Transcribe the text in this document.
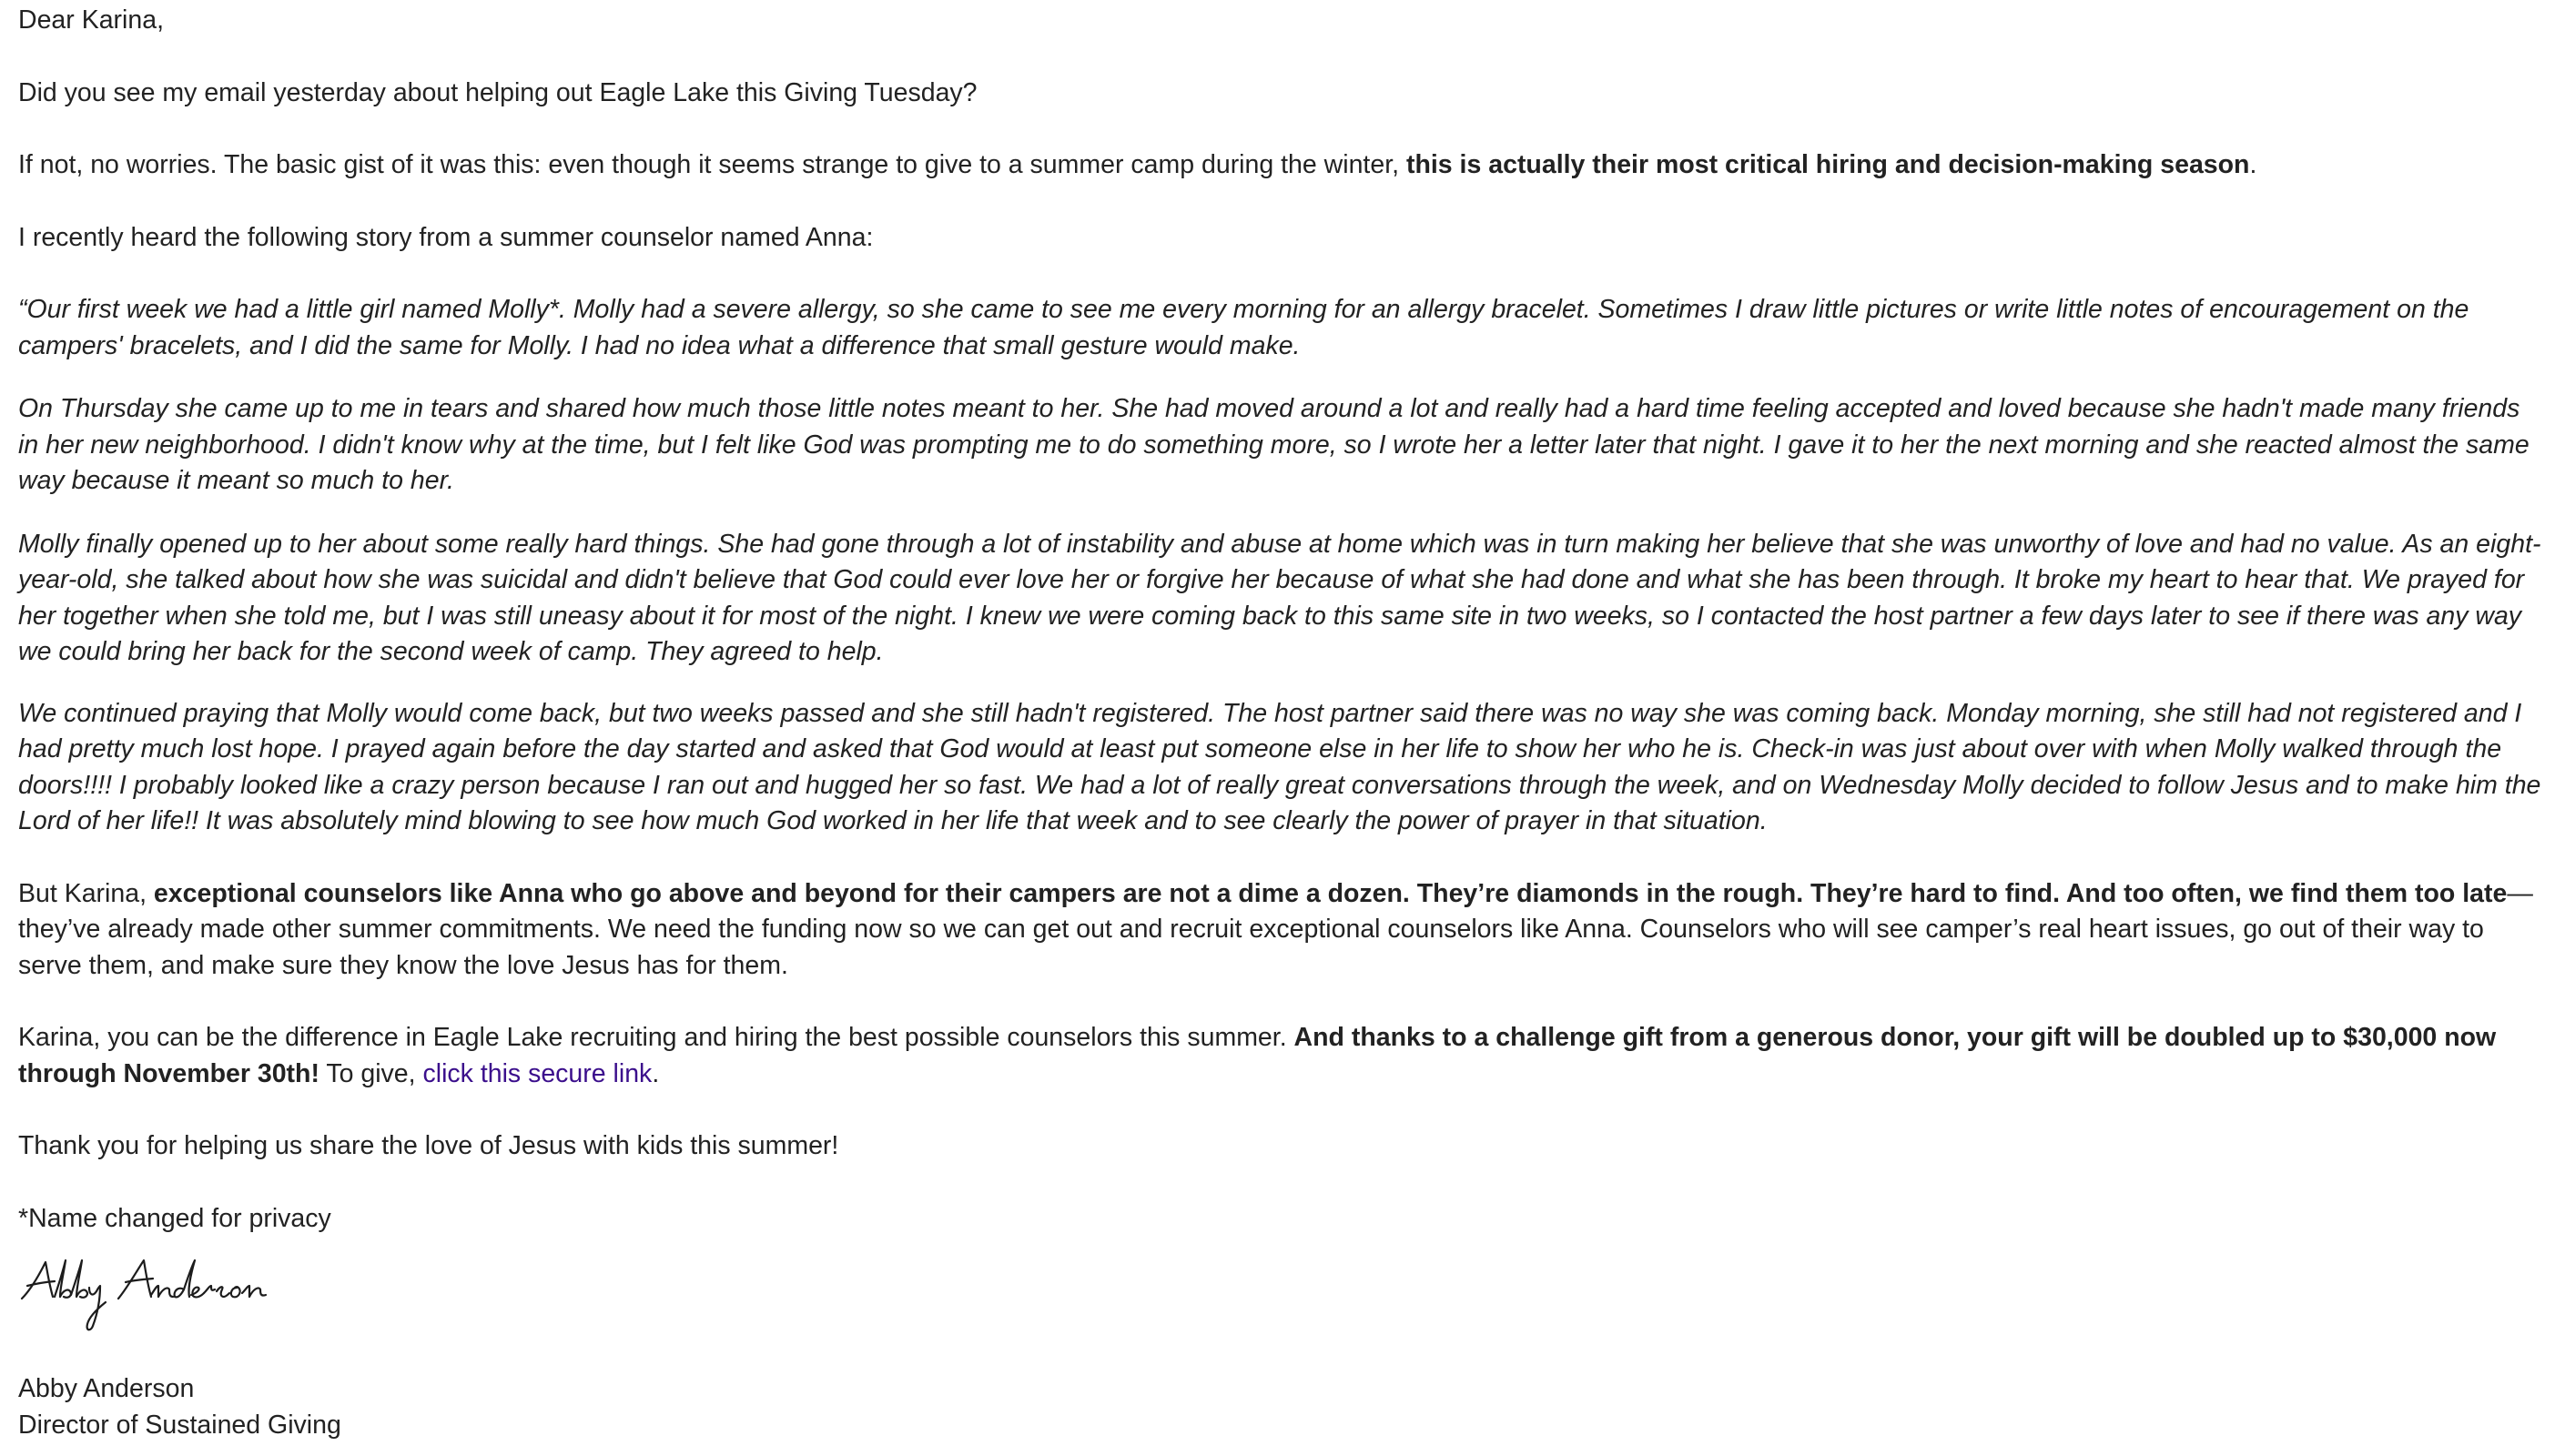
Dear Karina,

Did you see my email yesterday about helping out Eagle Lake this Giving Tuesday?

If not, no worries. The basic gist of it was this: even though it seems strange to give to a summer camp during the winter, this is actually their most critical hiring and decision-making season.

I recently heard the following story from a summer counselor named Anna:

“Our first week we had a little girl named Molly*. Molly had a severe allergy, so she came to see me every morning for an allergy bracelet. Sometimes I draw little pictures or write little notes of encouragement on the campers' bracelets, and I did the same for Molly. I had no idea what a difference that small gesture would make.

On Thursday she came up to me in tears and shared how much those little notes meant to her. She had moved around a lot and really had a hard time feeling accepted and loved because she hadn't made many friends in her new neighborhood. I didn't know why at the time, but I felt like God was prompting me to do something more, so I wrote her a letter later that night. I gave it to her the next morning and she reacted almost the same way because it meant so much to her.

Molly finally opened up to her about some really hard things. She had gone through a lot of instability and abuse at home which was in turn making her believe that she was unworthy of love and had no value. As an eight-year-old, she talked about how she was suicidal and didn't believe that God could ever love her or forgive her because of what she had done and what she has been through. It broke my heart to hear that. We prayed for her together when she told me, but I was still uneasy about it for most of the night. I knew we were coming back to this same site in two weeks, so I contacted the host partner a few days later to see if there was any way we could bring her back for the second week of camp. They agreed to help.

We continued praying that Molly would come back, but two weeks passed and she still hadn't registered. The host partner said there was no way she was coming back. Monday morning, she still had not registered and I had pretty much lost hope. I prayed again before the day started and asked that God would at least put someone else in her life to show her who he is. Check-in was just about over with when Molly walked through the doors!!!! I probably looked like a crazy person because I ran out and hugged her so fast. We had a lot of really great conversations through the week, and on Wednesday Molly decided to follow Jesus and to make him the Lord of her life!! It was absolutely mind blowing to see how much God worked in her life that week and to see clearly the power of prayer in that situation.

But Karina, exceptional counselors like Anna who go above and beyond for their campers are not a dime a dozen. They’re diamonds in the rough. They’re hard to find. And too often, we find them too late—they’ve already made other summer commitments. We need the funding now so we can get out and recruit exceptional counselors like Anna. Counselors who will see camper’s real heart issues, go out of their way to serve them, and make sure they know the love Jesus has for them.

Karina, you can be the difference in Eagle Lake recruiting and hiring the best possible counselors this summer. And thanks to a challenge gift from a generous donor, your gift will be doubled up to $30,000 now through November 30th! To give, click this secure link.

Thank you for helping us share the love of Jesus with kids this summer!

*Name changed for privacy

Abby Anderson

Director of Sustained Giving
